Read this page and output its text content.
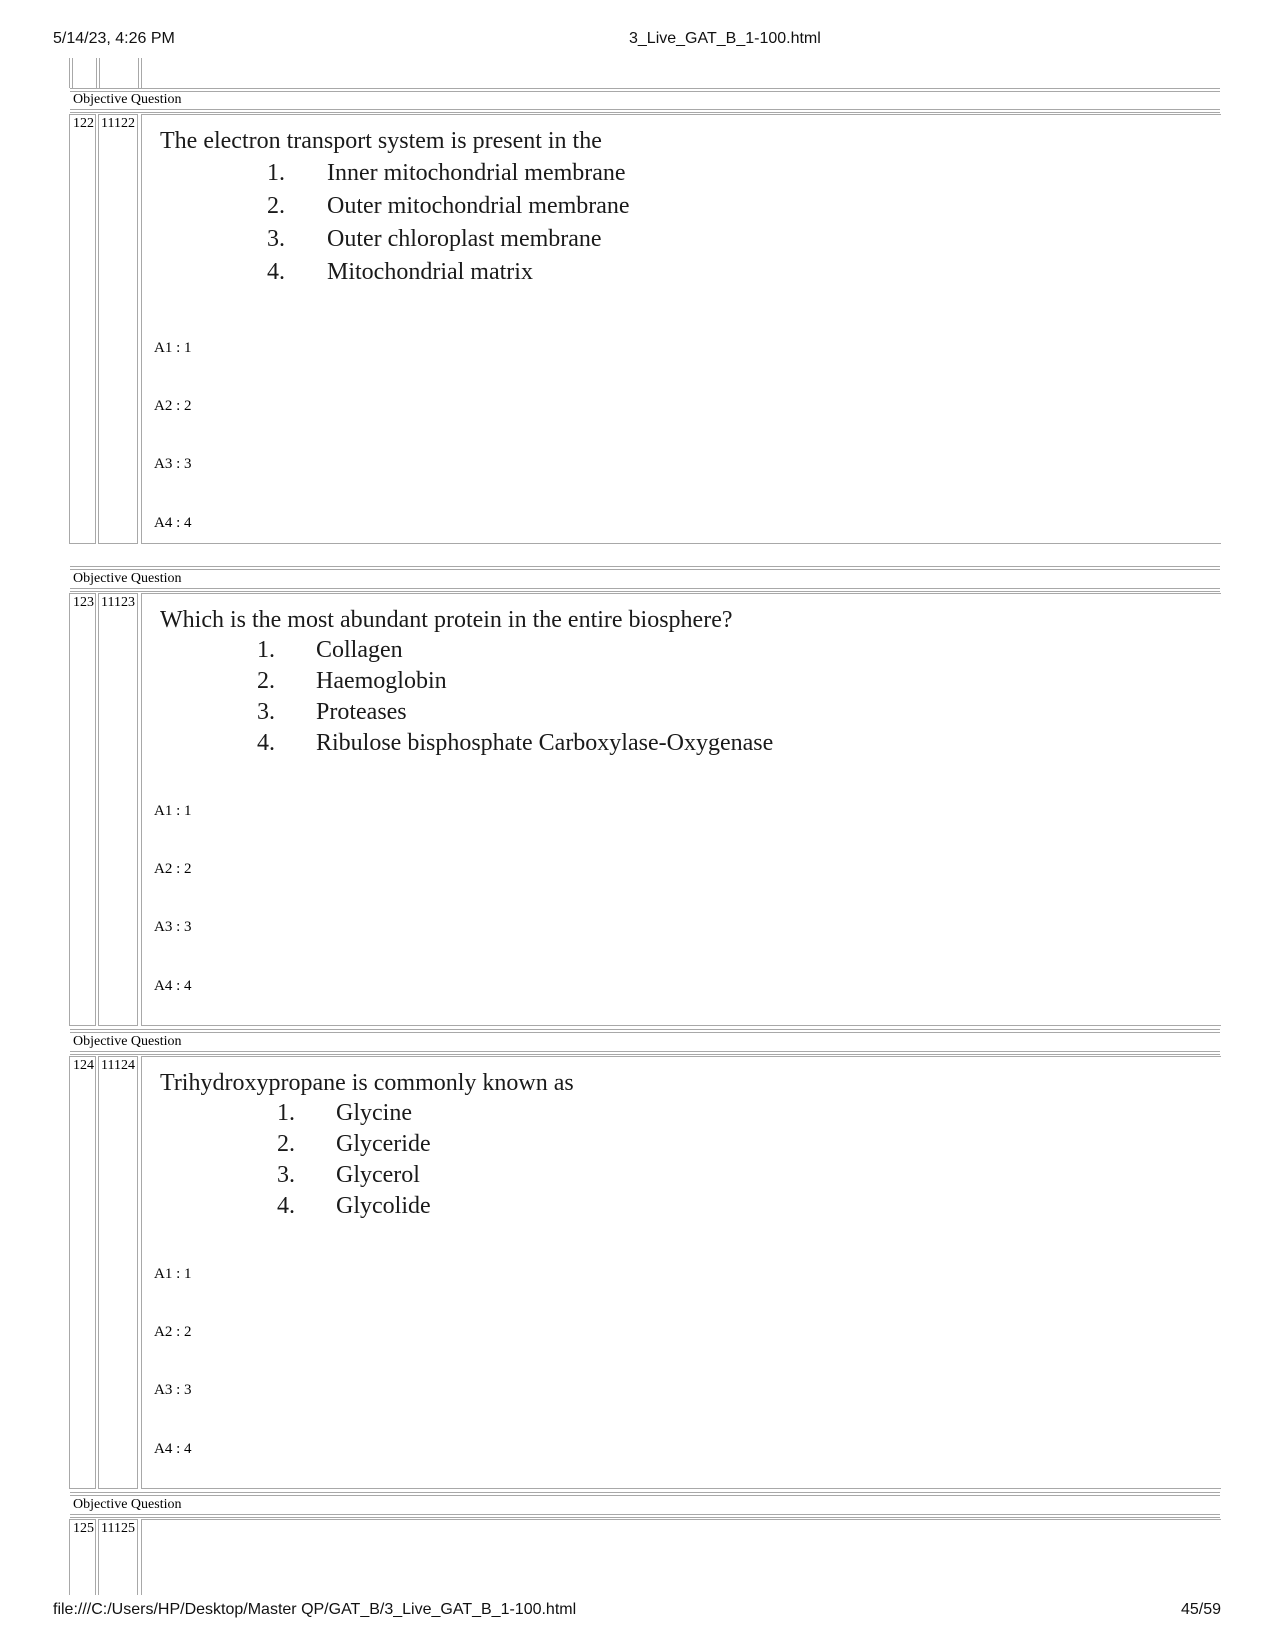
5/14/23, 4:26 PM	3_Live_GAT_B_1-100.html
file:///C:/Users/HP/Desktop/Master QP/GAT_B/3_Live_GAT_B_1-100.html	45/59
Objective Question
122 11122
The electron transport system is present in the
1. Inner mitochondrial membrane
2. Outer mitochondrial membrane
3. Outer chloroplast membrane
4. Mitochondrial matrix
A1 : 1
A2 : 2
A3 : 3
A4 : 4
Objective Question
123 11123
Which is the most abundant protein in the entire biosphere?
1. Collagen
2. Haemoglobin
3. Proteases
4. Ribulose bisphosphate Carboxylase-Oxygenase
A1 : 1
A2 : 2
A3 : 3
A4 : 4
Objective Question
124 11124
Trihydroxypropane is commonly known as
1. Glycine
2. Glyceride
3. Glycerol
4. Glycolide
A1 : 1
A2 : 2
A3 : 3
A4 : 4
Objective Question
125 11125
